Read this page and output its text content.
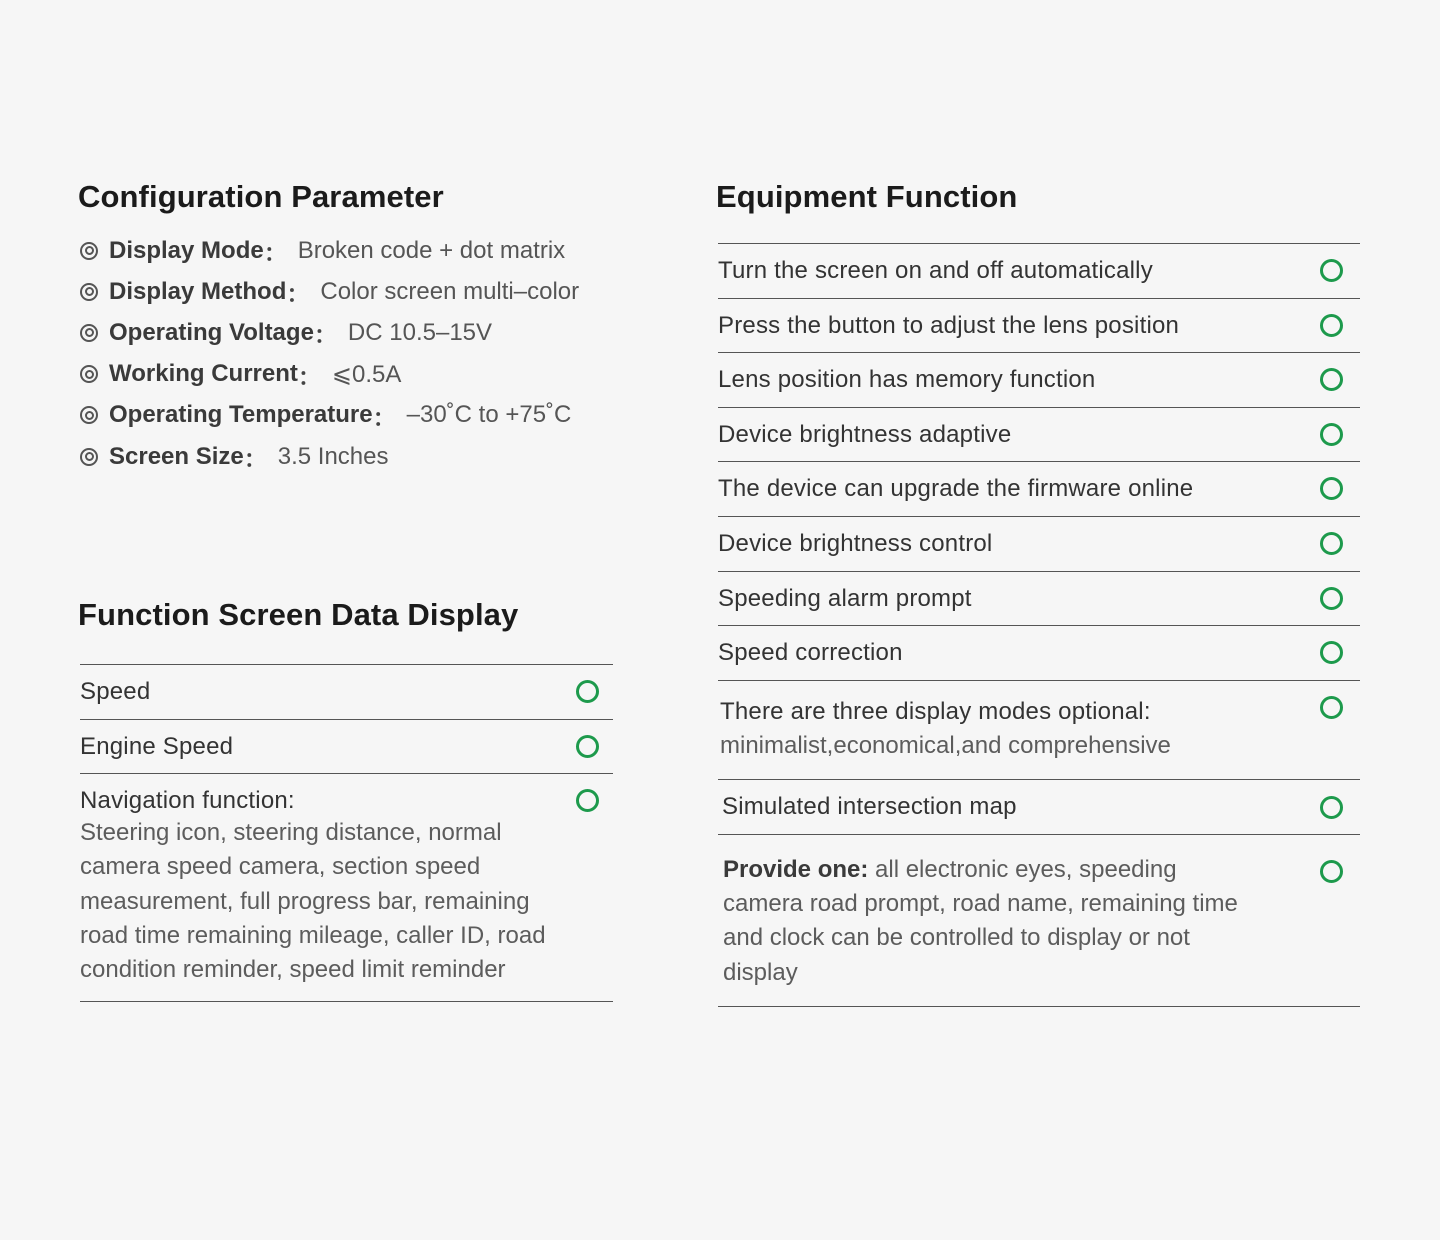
Configuration Parameter
Display Mode ： Broken code + dot matrix
Display Method ： Color screen multi–color
Operating Voltage ： DC 10.5–15V
Working Current ： ⩽0.5A
Operating Temperature ： –30˚C to +75˚C
Screen Size ： 3.5 Inches
Function Screen Data Display
Speed
Engine Speed
Navigation function:
Steering icon, steering distance, normal camera speed camera, section speed measurement, full progress bar, remaining road time remaining mileage, caller ID, road condition reminder, speed limit reminder
Equipment Function
Turn the screen on and off automatically
Press the button to adjust the lens position
Lens position has memory function
Device brightness adaptive
The device can upgrade the firmware online
Device brightness control
Speeding alarm prompt
Speed correction
There are three display modes optional:
minimalist,economical,and comprehensive
Simulated intersection map
Provide one: all electronic eyes, speeding camera road prompt, road name, remaining time and clock can be controlled to display or not display
